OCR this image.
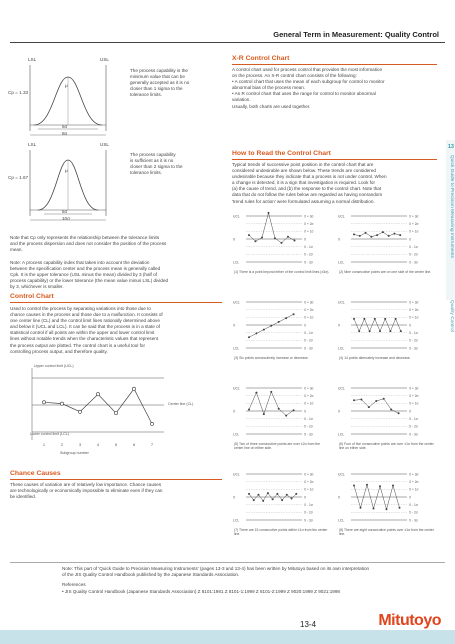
General Term in Measurement: Quality Control
13
Quick Guide to Precision Measuring Instruments
Quality Control
LSL	USL
μ
Cp = 1.33
6σ
8σ
The process capability is the
minimum value that can be
generally accepted as it is no
closer than 1 sigma to the
tolerance limits.
LSL	USL
μ
Cp = 1.67
6σ
10σ
The process capability
is sufficient as it is no
closer than 2 sigma to the
tolerance limits.
Note that Cp only represents the relationship between the tolerance limits
and the process dispersion and does not consider the position of the process
mean.
Note: A process capability index that takes into account the deviation
between the specification center and the process mean is generally called
Cpk. It is the upper tolerance (USL minus the mean) divided by 3 (half of
process capability) or the lower tolerance (the mean value minus LSL) divided
by 3, whichever is smaller.
Control Chart
Used to control the process by separating variations into those due to
chance causes in the process and those due to a malfunction. It consists of
one center line (CL) and the control limit lines rationally determined above
and below it (UCL and LCL). It can be said that the process is in a state of
statistical control if all points are within the upper and lower control limit
lines without notable trends when the characteristic values that represent
the process output are plotted. The control chart is a useful tool for
controlling process output, and therefore quality.
1	2	3	4	5	6	7
Upper control limit (UCL)
Lower control limit (LCL)
Center line (CL)
Subgroup number
Chance Causes
These causes of variation are of relatively low importance. Chance causes
are technologically or economically impossible to eliminate even if they can
be identified.
X-R Control Chart
A control chart used for process control that provides the most information
on the process. An X-R control chart consists of the following:
• A control chart that uses the mean of each subgroup for control to monitor
abnormal bias of the process mean.
• An R control chart that uses the range for control to monitor abnormal
variation.
Usually, both charts are used together.
How to Read the Control Chart
Typical trends of successive point position in the control chart that are
considered undesirable are shown below. These trends are considered
undesirable because they indicate that a process is not under control. When
a change is detected, it is a sign that investigation is required. Look for
(a) the cause of trend, and (b) the response to the control chart. Note that
data that do not follow the rules below are regarded as having nonrandom
'trend rules for action' were formulated assuming a normal distribution.
X + 3σ
X + 2σ
X + 1σ
X
X - 1σ
X - 2σ
X - 3σ
UCL
X
LCL
(1) There is a point beyond either of the control limit lines (±3σ).
X + 3σ
X + 2σ
X + 1σ
X
X - 1σ
X - 2σ
X - 3σ
UCL
X
LCL
(2) Nine consecutive points are on one side of the center line.
X + 3σ
X + 2σ
X + 1σ
X
X - 1σ
X - 2σ
X - 3σ
UCL
X
LCL
(3) Six points consecutively increase or decrease.
X + 3σ
X + 2σ
X + 1σ
X
X - 1σ
X - 2σ
X - 3σ
UCL
X
LCL
(4) 14 points alternately increase and decrease.
X + 3σ
X + 2σ
X + 1σ
X
X - 1σ
X - 2σ
X - 3σ
UCL
X
LCL
(5) Two of three consecutive points are over ±2σ from the center line on either side.
X + 3σ
X + 2σ
X + 1σ
X
X - 1σ
X - 2σ
X - 3σ
UCL
X
LCL
(6) Four of five consecutive points are over ±1σ from the center line on either side.
X + 3σ
X + 2σ
X + 1σ
X
X - 1σ
X - 2σ
X - 3σ
UCL
X
LCL
(7) There are 15 consecutive points within ±1σ from the center line.
X + 3σ
X + 2σ
X + 1σ
X
X - 1σ
X - 2σ
X - 3σ
UCL
X
LCL
(8) There are eight consecutive points over ±1σ from the center line.
Note: This part of 'Quick Guide to Precision Measuring Instruments' (pages 13-3 and 13-4) has been written by Mitutoyo based on its own interpretation
of the JIS Quality Control Handbook published by the Japanese Standards Association.
References
• JIS Quality Control Handbook (Japanese Standards Association) Z 8101:1981 Z 8101-1:1999 Z 8101-2:1999 Z 9020:1999 Z 9021:1998
13-4	Mitutoyo
